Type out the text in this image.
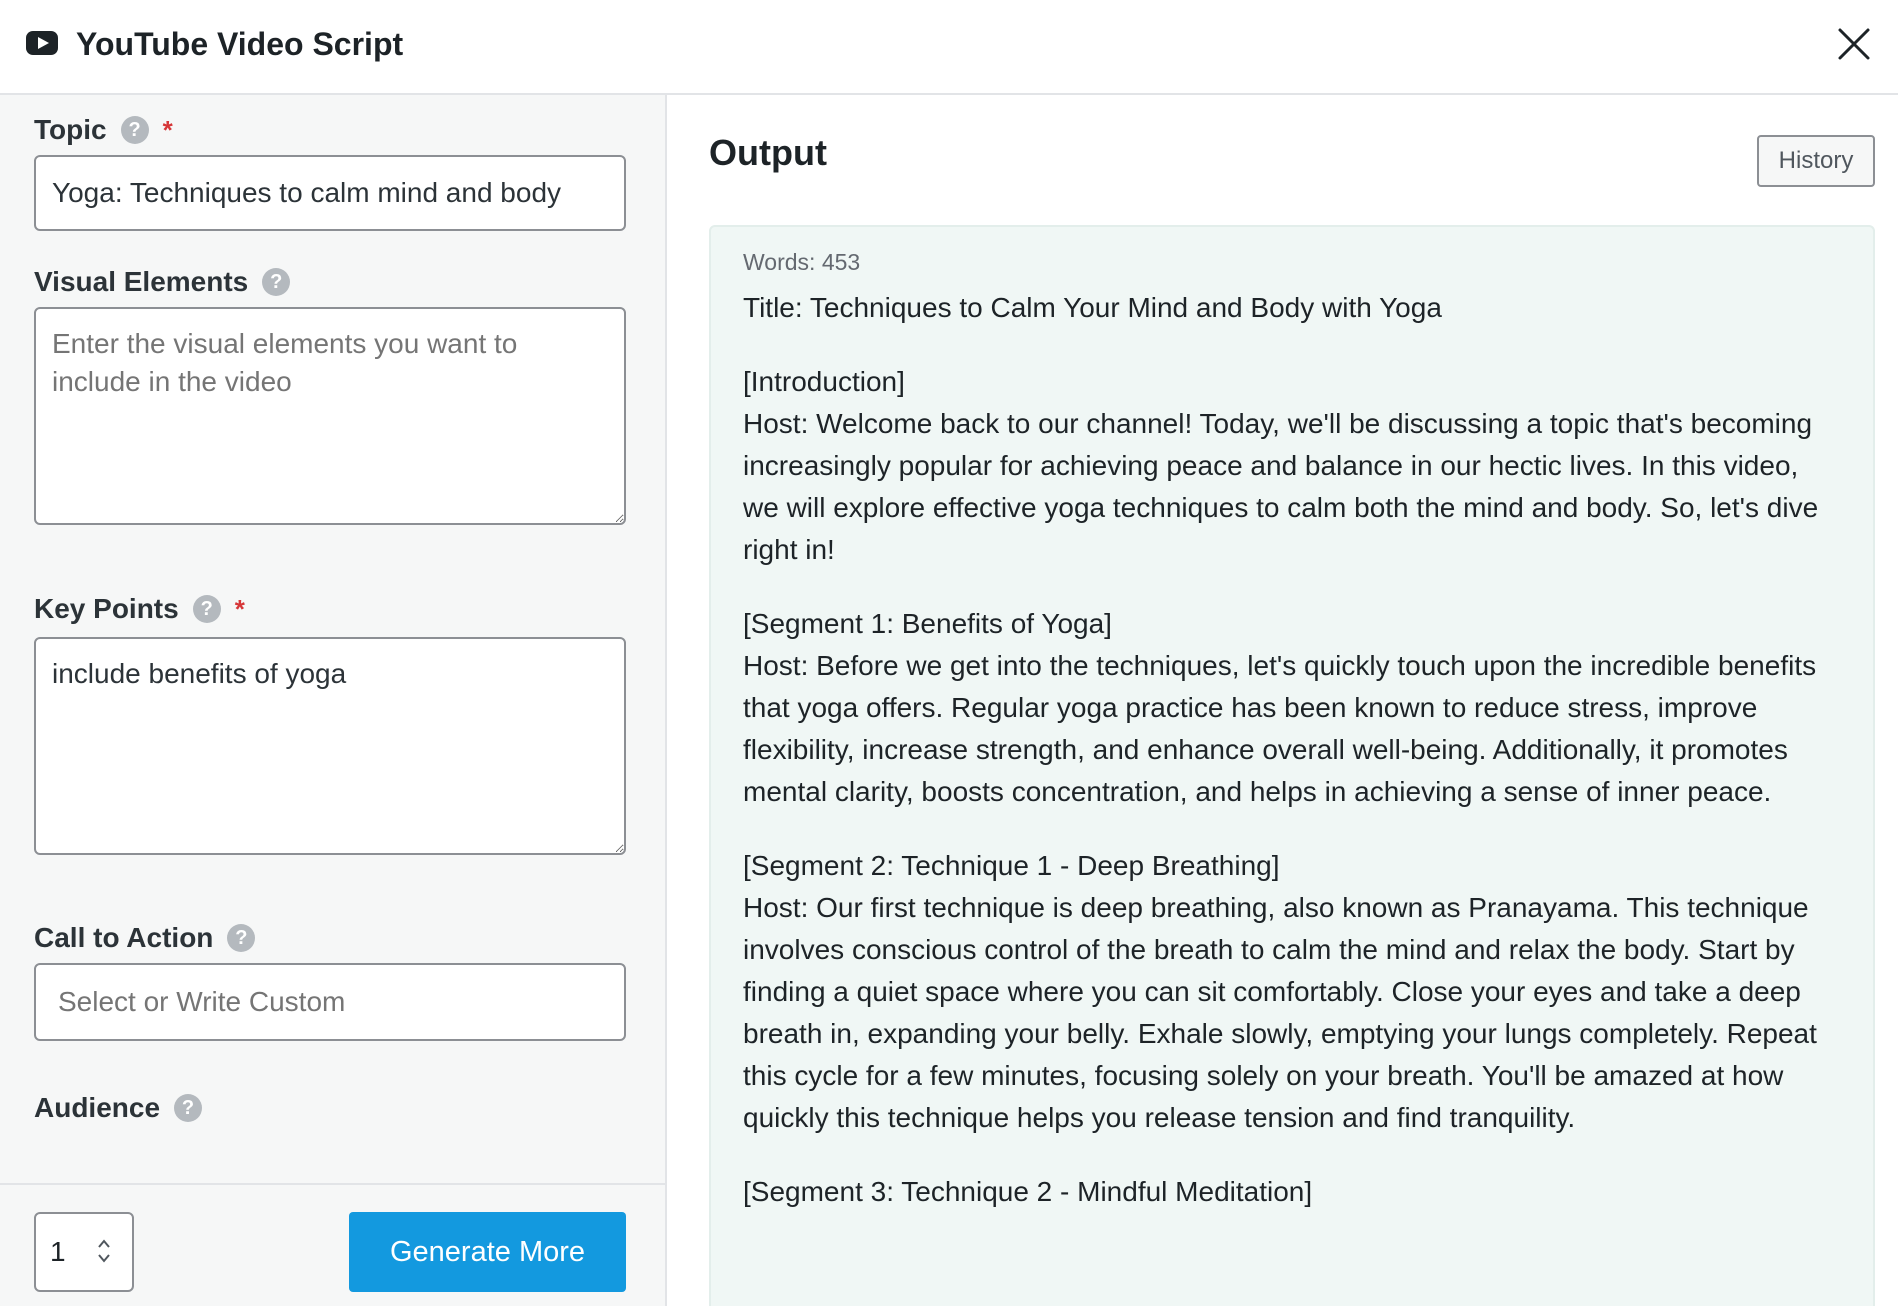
YouTube Video Script
Topic	? *
Yoga: Techniques to calm mind and body
Visual Elements	?
Enter the visual elements you want to include in the video
Key Points	? *
include benefits of yoga
Call to Action	?
Select or Write Custom
Audience	?
1	Generate More
Output	History
Words: 453
Title: Techniques to Calm Your Mind and Body with Yoga
[Introduction]
Host: Welcome back to our channel! Today, we'll be discussing a topic that's becoming increasingly popular for achieving peace and balance in our hectic lives. In this video, we will explore effective yoga techniques to calm both the mind and body. So, let's dive right in!
[Segment 1: Benefits of Yoga]
Host: Before we get into the techniques, let's quickly touch upon the incredible benefits that yoga offers. Regular yoga practice has been known to reduce stress, improve flexibility, increase strength, and enhance overall well-being. Additionally, it promotes mental clarity, boosts concentration, and helps in achieving a sense of inner peace.
[Segment 2: Technique 1 - Deep Breathing]
Host: Our first technique is deep breathing, also known as Pranayama. This technique involves conscious control of the breath to calm the mind and relax the body. Start by finding a quiet space where you can sit comfortably. Close your eyes and take a deep breath in, expanding your belly. Exhale slowly, emptying your lungs completely. Repeat this cycle for a few minutes, focusing solely on your breath. You'll be amazed at how quickly this technique helps you release tension and find tranquility.
[Segment 3: Technique 2 - Mindful Meditation]
